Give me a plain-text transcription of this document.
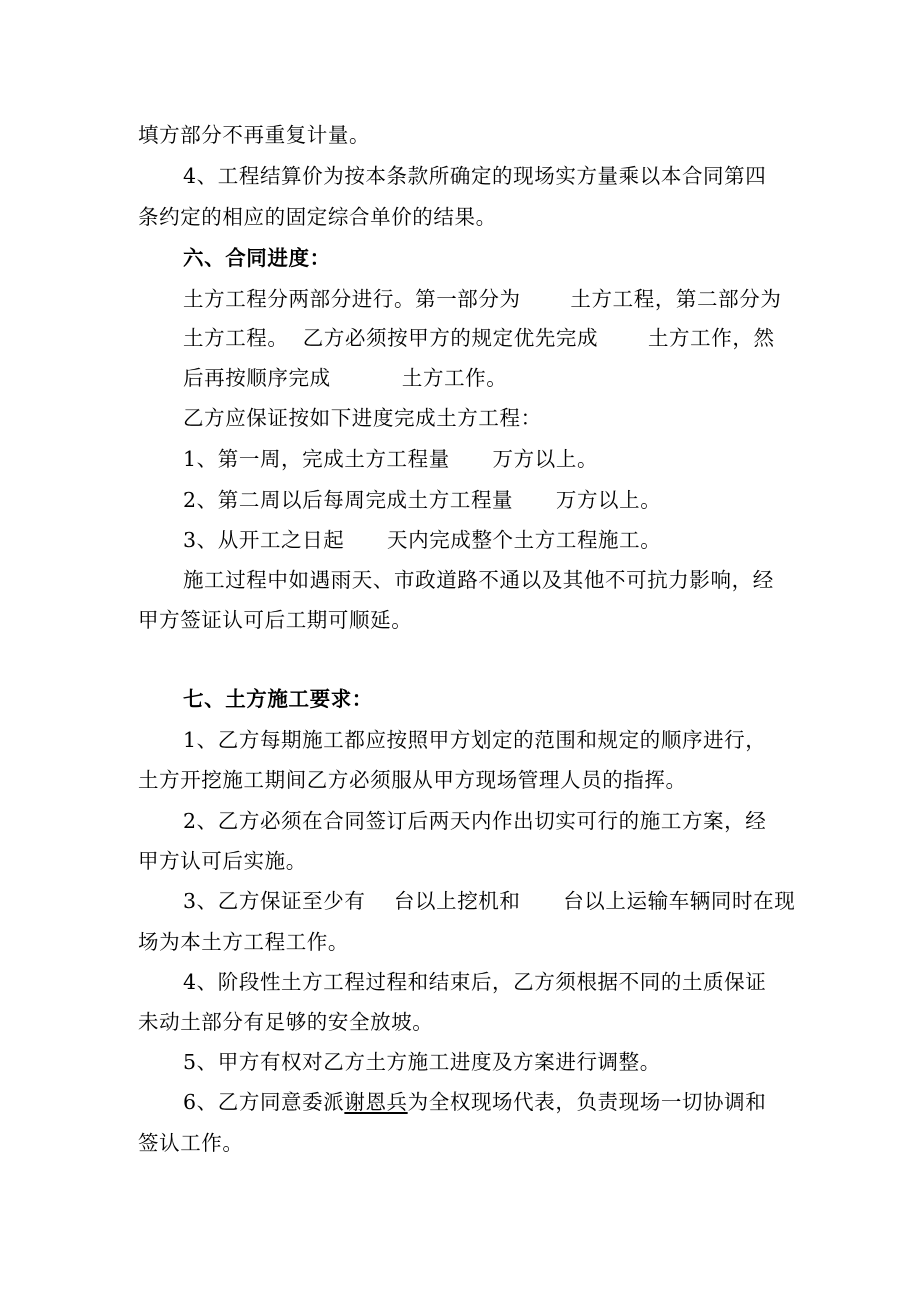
填方部分不再重复计量。
4、工程结算价为按本条款所确定的现场实方量乘以本合同第四
条约定的相应的固定综合单价的结果。
六、合同进度：
土方工程分两部分进行。第一部分为       土方工程，第二部分为
土方工程。  乙方必须按甲方的规定优先完成       土方工作，然
后再按顺序完成          土方工作。
乙方应保证按如下进度完成土方工程：
1、第一周，完成土方工程量      万方以上。
2、第二周以后每周完成土方工程量      万方以上。
3、从开工之日起      天内完成整个土方工程施工。
施工过程中如遇雨天、市政道路不通以及其他不可抗力影响，经
甲方签证认可后工期可顺延。
七、土方施工要求：
1、乙方每期施工都应按照甲方划定的范围和规定的顺序进行，
土方开挖施工期间乙方必须服从甲方现场管理人员的指挥。
2、乙方必须在合同签订后两天内作出切实可行的施工方案，经
甲方认可后实施。
3、乙方保证至少有    台以上挖机和      台以上运输车辆同时在现
场为本土方工程工作。
4、阶段性土方工程过程和结束后，乙方须根据不同的土质保证
未动土部分有足够的安全放坡。
5、甲方有权对乙方土方施工进度及方案进行调整。
6、乙方同意委派谢恩兵为全权现场代表，负责现场一切协调和
签认工作。
